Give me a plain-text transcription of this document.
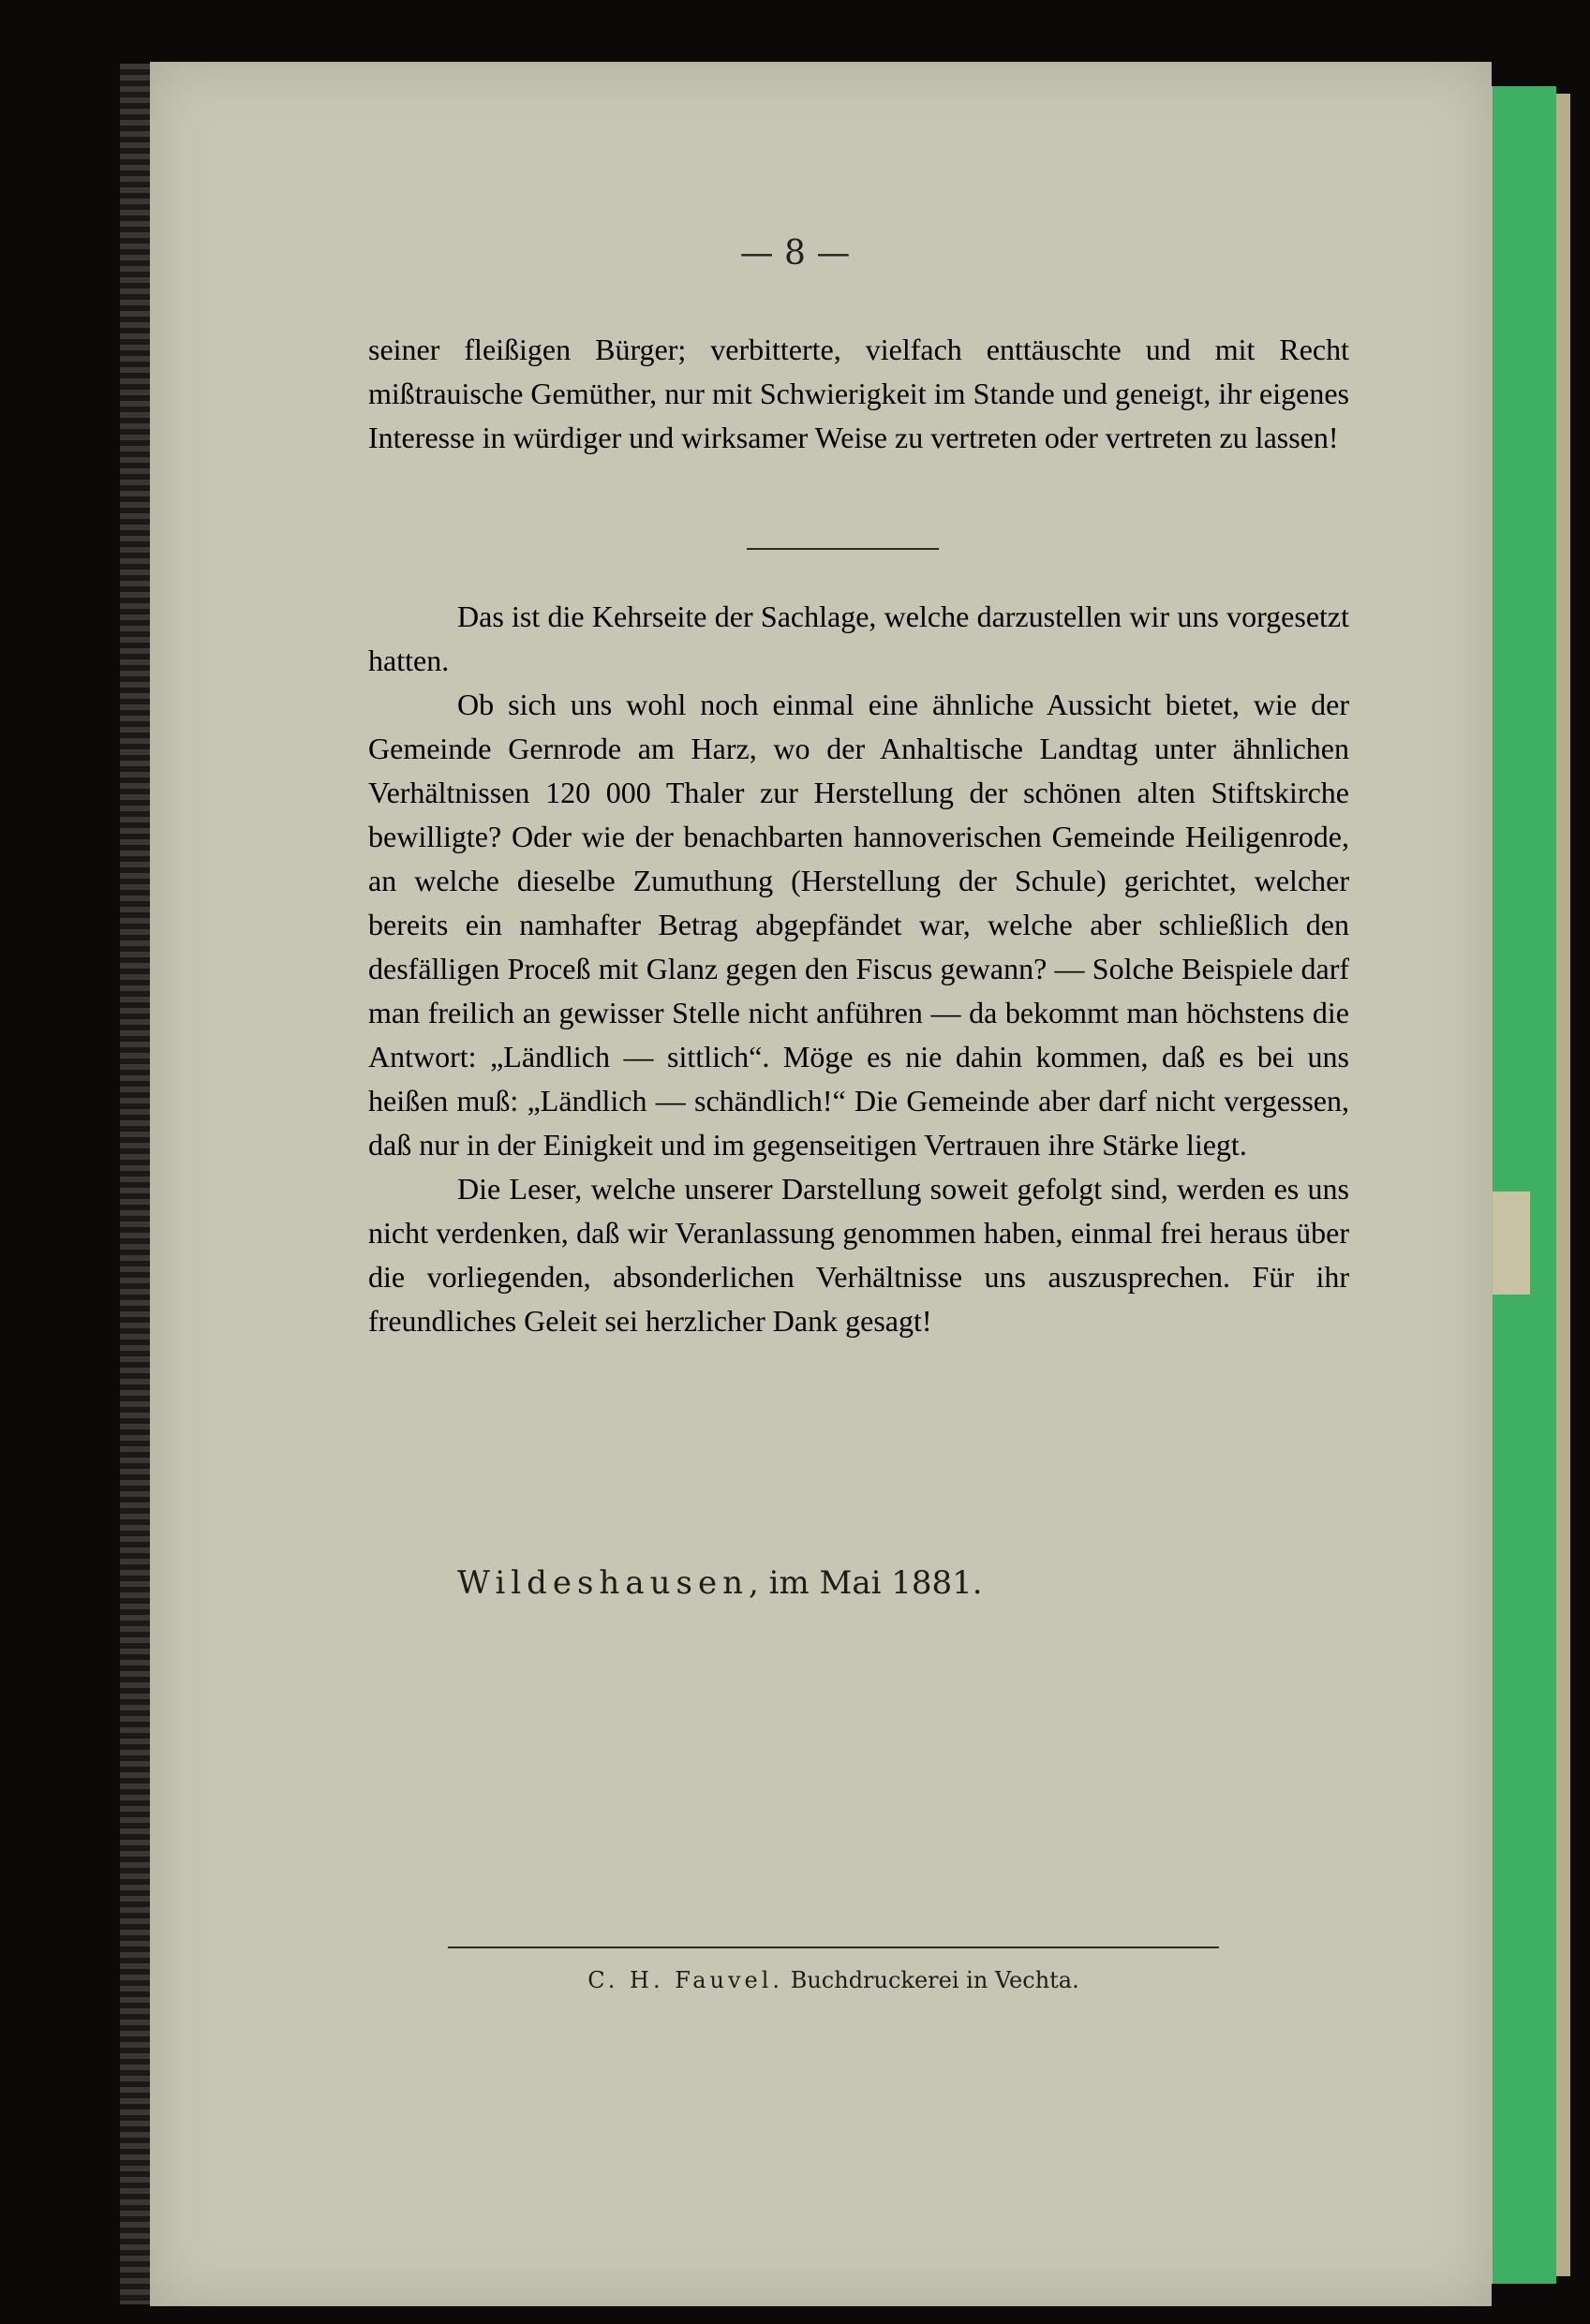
— 8 —

seiner fleißigen Bürger; verbitterte, vielfach enttäuschte und mit Recht mißtrauische Gemüther, nur mit Schwierigkeit im Stande und geneigt, ihr eigenes Interesse in würdiger und wirksamer Weise zu vertreten oder vertreten zu lassen!

Das ist die Kehrseite der Sachlage, welche darzustellen wir uns vorgesetzt hatten.

Ob sich uns wohl noch einmal eine ähnliche Aussicht bietet, wie der Gemeinde Gernrode am Harz, wo der Anhaltische Landtag unter ähnlichen Verhältnissen 120 000 Thaler zur Herstellung der schönen alten Stiftskirche bewilligte? Oder wie der benachbarten hannoverischen Gemeinde Heiligenrode, an welche dieselbe Zumuthung (Herstellung der Schule) gerichtet, welcher bereits ein namhafter Betrag abgepfändet war, welche aber schließlich den desfälligen Proceß mit Glanz gegen den Fiscus gewann? — Solche Beispiele darf man freilich an gewisser Stelle nicht anführen — da bekommt man höchstens die Antwort: „Ländlich — sittlich“. Möge es nie dahin kommen, daß es bei uns heißen muß: „Ländlich — schändlich!“ Die Gemeinde aber darf nicht vergessen, daß nur in der Einigkeit und im gegenseitigen Vertrauen ihre Stärke liegt.

Die Leser, welche unserer Darstellung soweit gefolgt sind, werden es uns nicht verdenken, daß wir Veranlassung genommen haben, einmal frei heraus über die vorliegenden, absonderlichen Verhältnisse uns auszusprechen. Für ihr freundliches Geleit sei herzlicher Dank gesagt!

Wildeshausen, im Mai 1881.
C. H. Fauvel. Buchdruckerei in Vechta.
